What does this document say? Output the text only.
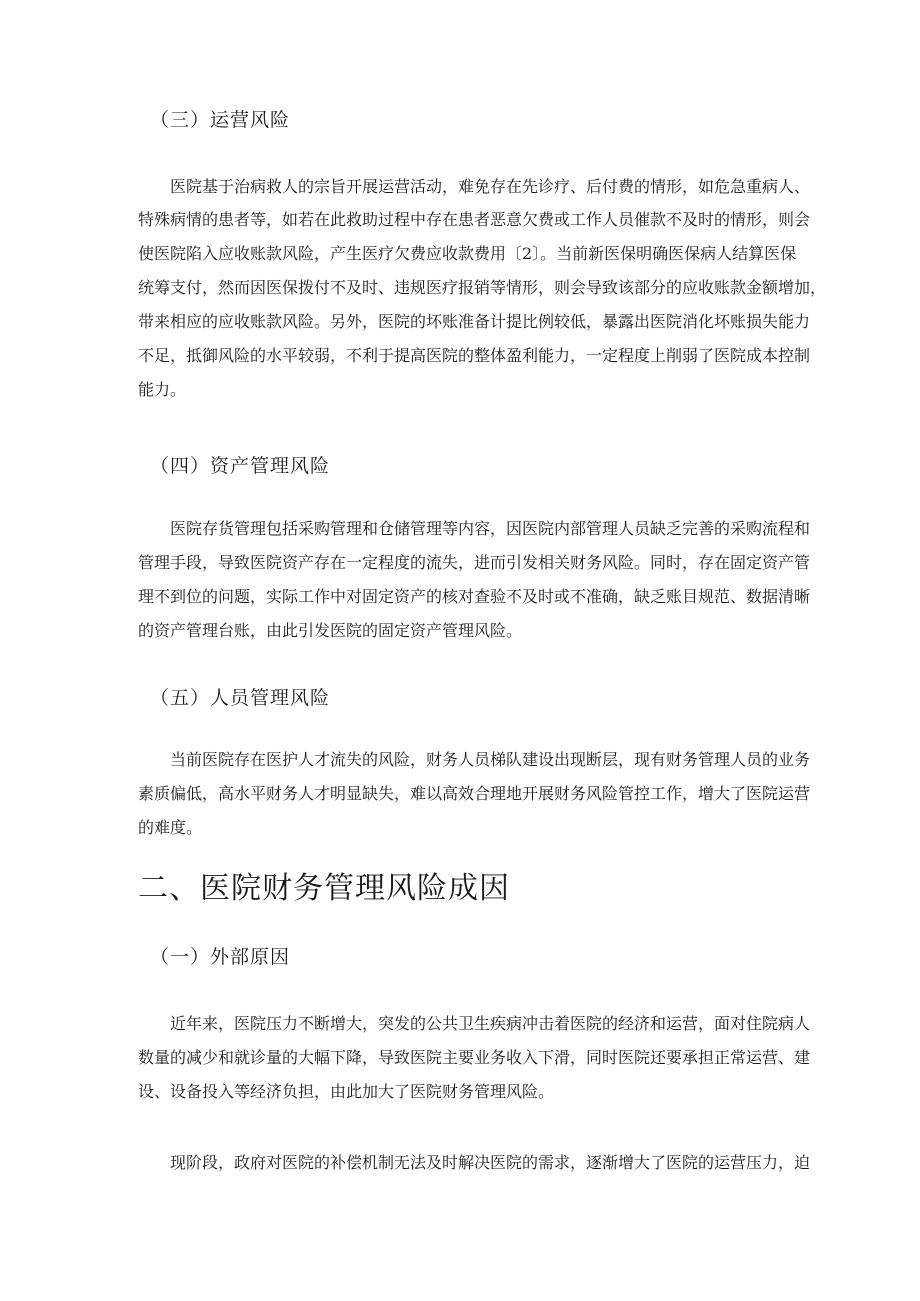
（三）运营风险
医院基于治病救人的宗旨开展运营活动，难免存在先诊疗、后付费的情形，如危急重病人、
特殊病情的患者等，如若在此救助过程中存在患者恶意欠费或工作人员催款不及时的情形，则会
使医院陷入应收账款风险，产生医疗欠费应收款费用〔2〕。当前新医保明确医保病人结算医保
统筹支付，然而因医保拨付不及时、违规医疗报销等情形，则会导致该部分的应收账款金额增加，
带来相应的应收账款风险。另外，医院的坏账准备计提比例较低，暴露出医院消化坏账损失能力
不足，抵御风险的水平较弱，不利于提高医院的整体盈利能力，一定程度上削弱了医院成本控制
能力。
（四）资产管理风险
医院存货管理包括采购管理和仓储管理等内容，因医院内部管理人员缺乏完善的采购流程和
管理手段，导致医院资产存在一定程度的流失，进而引发相关财务风险。同时，存在固定资产管
理不到位的问题，实际工作中对固定资产的核对查验不及时或不准确，缺乏账目规范、数据清晰
的资产管理台账，由此引发医院的固定资产管理风险。
（五）人员管理风险
当前医院存在医护人才流失的风险，财务人员梯队建设出现断层，现有财务管理人员的业务
素质偏低，高水平财务人才明显缺失，难以高效合理地开展财务风险管控工作，增大了医院运营
的难度。
二、医院财务管理风险成因
（一）外部原因
近年来，医院压力不断增大，突发的公共卫生疾病冲击着医院的经济和运营，面对住院病人
数量的减少和就诊量的大幅下降，导致医院主要业务收入下滑，同时医院还要承担正常运营、建
设、设备投入等经济负担，由此加大了医院财务管理风险。
现阶段，政府对医院的补偿机制无法及时解决医院的需求，逐渐增大了医院的运营压力，迫
